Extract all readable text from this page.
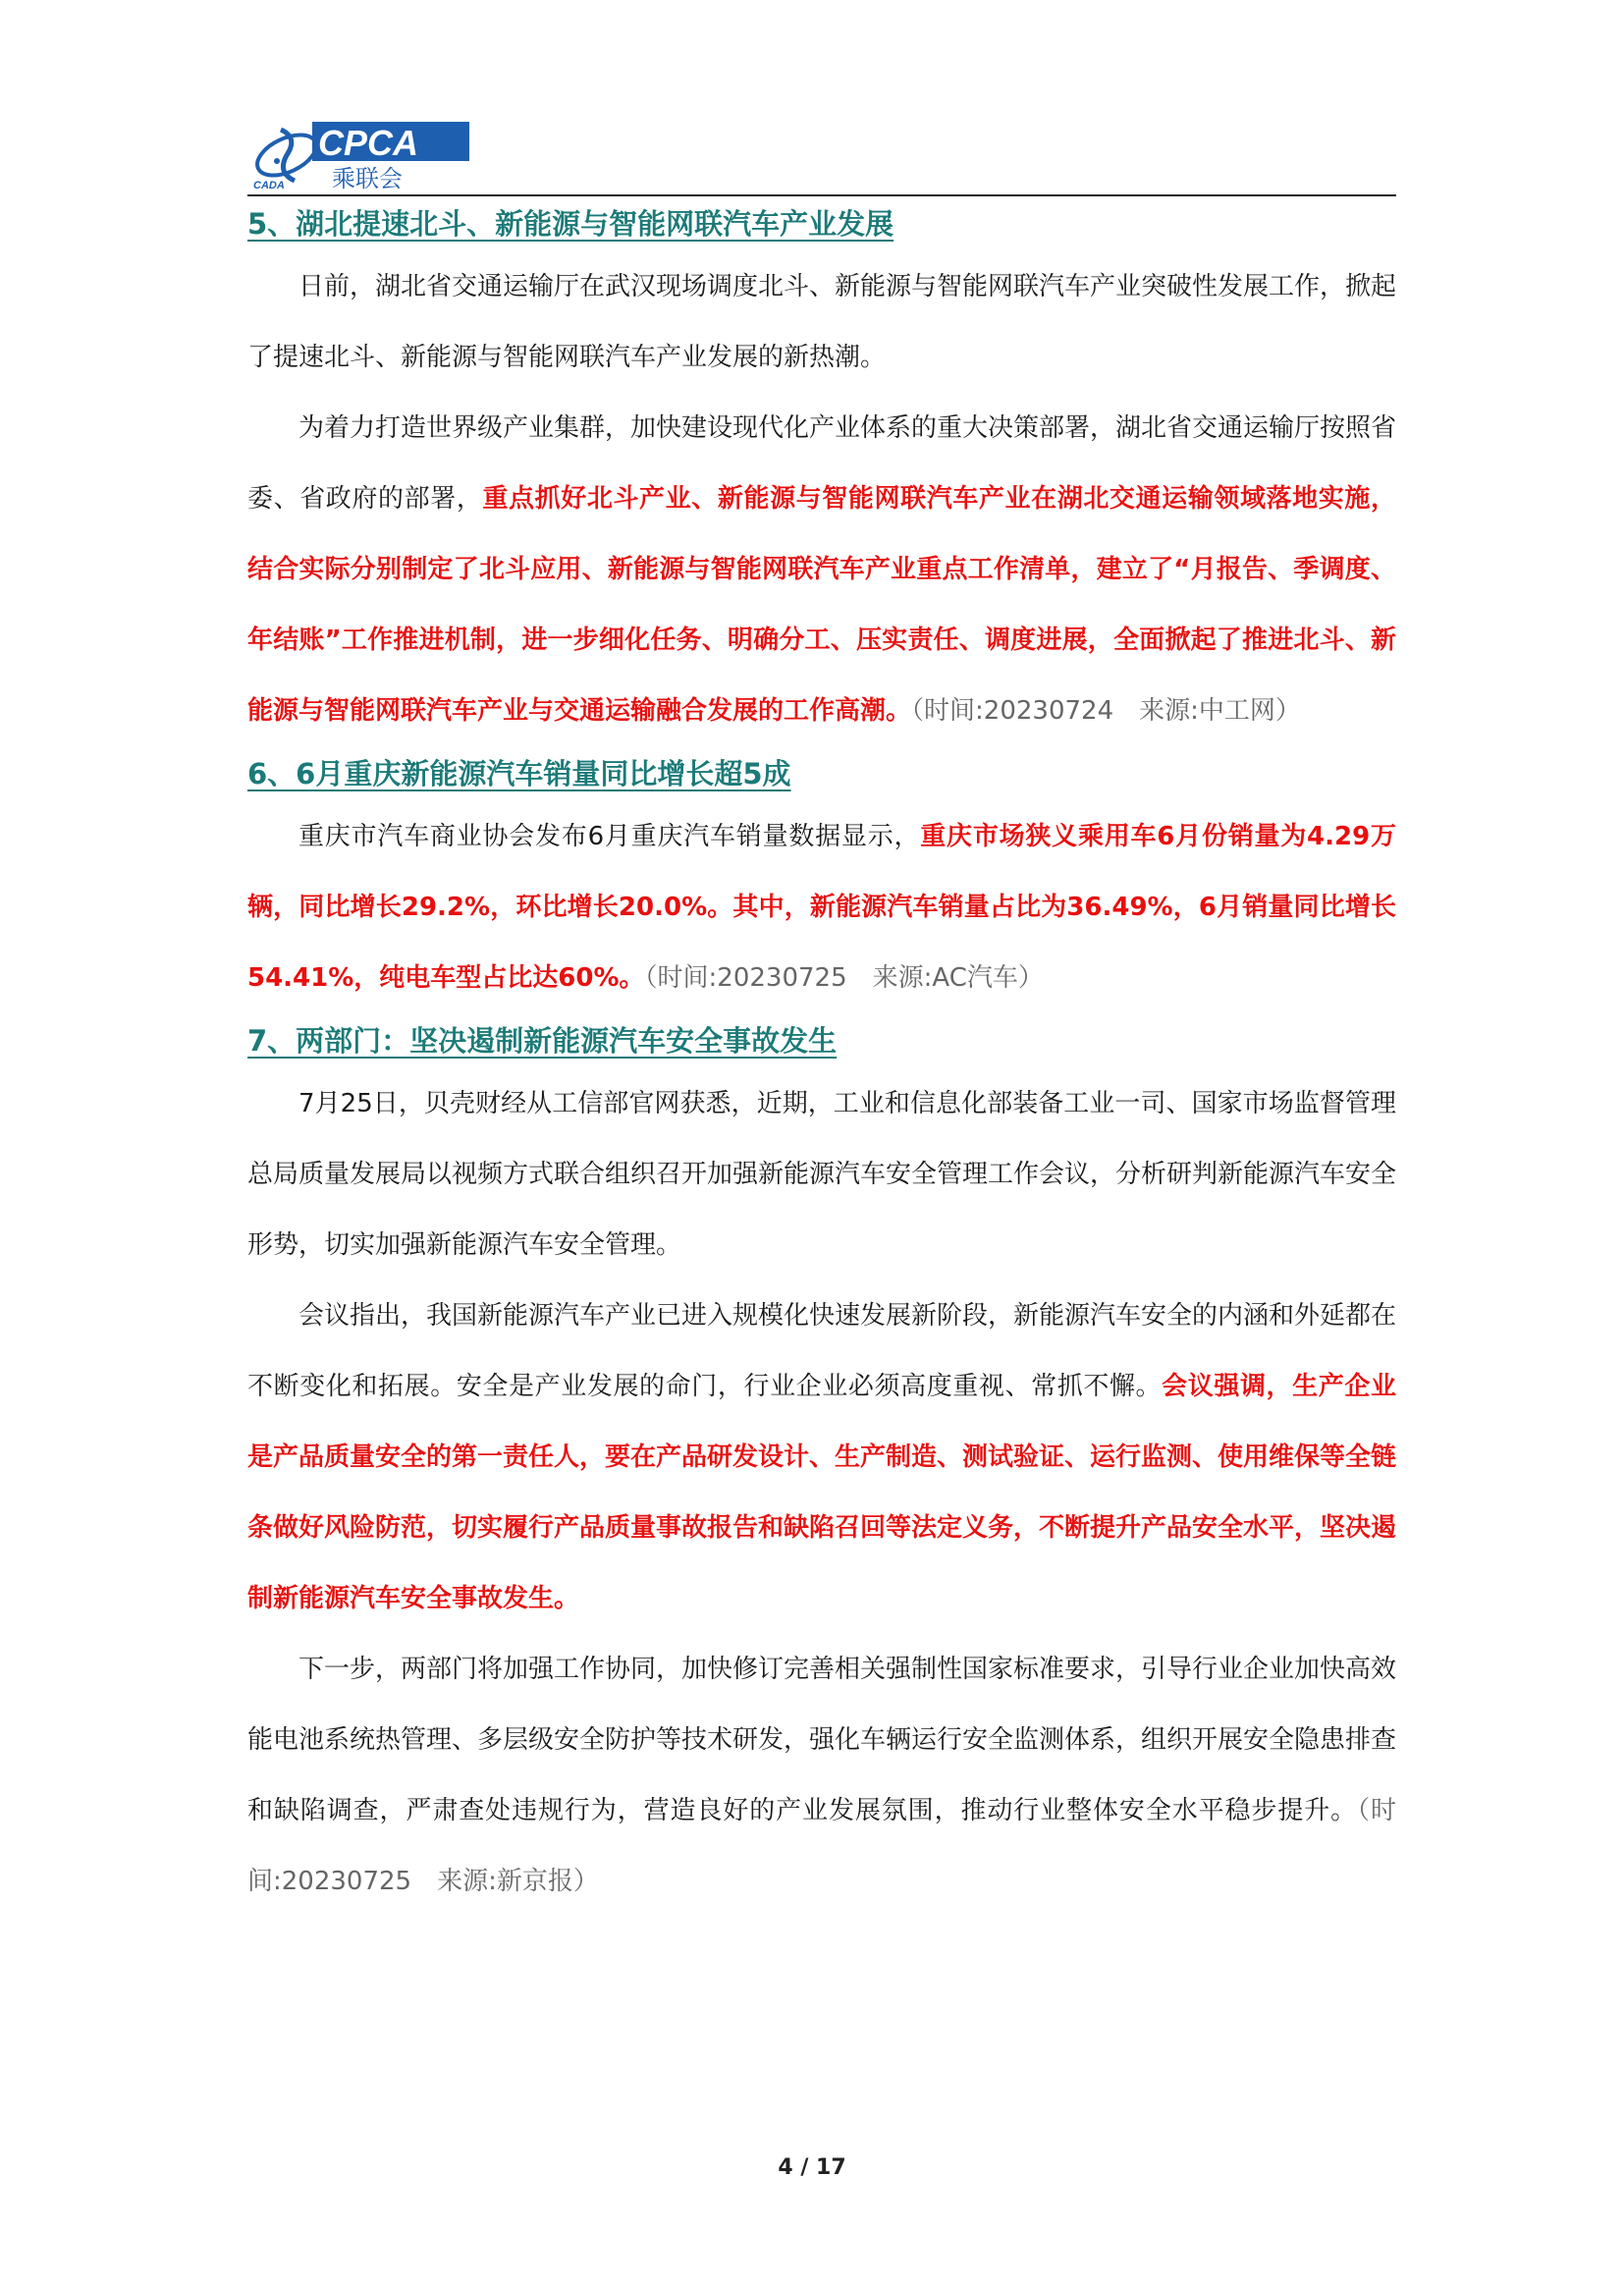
CADA
CPCA
乘联会
5、湖北提速北斗、新能源与智能网联汽车产业发展

日前，湖北省交通运输厅在武汉现场调度北斗、新能源与智能网联汽车产业突破性发展工作，掀起了提速北斗、新能源与智能网联汽车产业发展的新热潮。

为着力打造世界级产业集群，加快建设现代化产业体系的重大决策部署，湖北省交通运输厅按照省委、省政府的部署，重点抓好北斗产业、新能源与智能网联汽车产业在湖北交通运输领域落地实施，结合实际分别制定了北斗应用、新能源与智能网联汽车产业重点工作清单，建立了“月报告、季调度、年结账”工作推进机制，进一步细化任务、明确分工、压实责任、调度进展，全面掀起了推进北斗、新能源与智能网联汽车产业与交通运输融合发展的工作高潮。（时间:20230724　来源:中工网）

6、6月重庆新能源汽车销量同比增长超5成

重庆市汽车商业协会发布6月重庆汽车销量数据显示，重庆市场狭义乘用车6月份销量为4.29万辆，同比增长29.2%，环比增长20.0%。其中，新能源汽车销量占比为36.49%，6月销量同比增长54.41%，纯电车型占比达60%。（时间:20230725　来源:AC汽车）

7、两部门：坚决遏制新能源汽车安全事故发生

7月25日，贝壳财经从工信部官网获悉，近期，工业和信息化部装备工业一司、国家市场监督管理总局质量发展局以视频方式联合组织召开加强新能源汽车安全管理工作会议，分析研判新能源汽车安全形势，切实加强新能源汽车安全管理。

会议指出，我国新能源汽车产业已进入规模化快速发展新阶段，新能源汽车安全的内涵和外延都在不断变化和拓展。安全是产业发展的命门，行业企业必须高度重视、常抓不懈。会议强调，生产企业是产品质量安全的第一责任人，要在产品研发设计、生产制造、测试验证、运行监测、使用维保等全链条做好风险防范，切实履行产品质量事故报告和缺陷召回等法定义务，不断提升产品安全水平，坚决遏制新能源汽车安全事故发生。

下一步，两部门将加强工作协同，加快修订完善相关强制性国家标准要求，引导行业企业加快高效能电池系统热管理、多层级安全防护等技术研发，强化车辆运行安全监测体系，组织开展安全隐患排查和缺陷调查，严肃查处违规行为，营造良好的产业发展氛围，推动行业整体安全水平稳步提升。（时间:20230725　来源:新京报）

4 / 17
